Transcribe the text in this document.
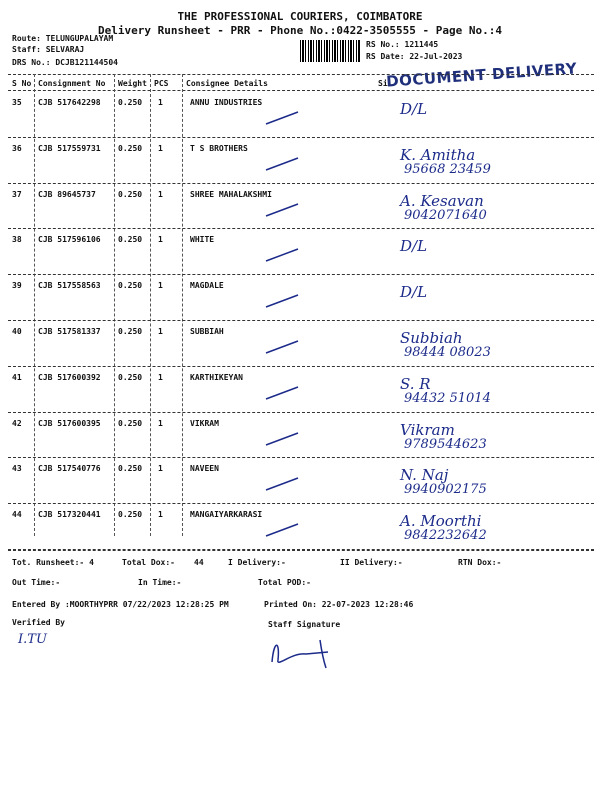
THE PROFESSIONAL COURIERS, COIMBATORE
Delivery Runsheet - PRR - Phone No.:0422-3505555 - Page No.:4
Route: TELUNGUPALAYAM
Staff: SELVARAJ
DRS No.: DCJB121144504
RS No.: 1211445
RS Date: 22-Jul-2023
DOCUMENT DELIVERY
S No Consignment No Weight PCS Consignee Details	Si
35 CJB 517642298 0.250 1	ANNU INDUSTRIES	D/L
36 CJB 517559731 0.250 1	T S BROTHERS	K. Amitha
95668 23459
37 CJB 89645737	0.250 1	SHREE MAHALAKSHMI	A. Kesavan
9042071640
38 CJB 517596106 0.250 1	WHITE	D/L
39 CJB 517558563 0.250 1	MAGDALE	D/L
40 CJB 517581337 0.250 1	SUBBIAH	Subbiah
98444 08023
41 CJB 517600392 0.250 1	KARTHIKEYAN	S. R
94432 51014
42 CJB 517600395 0.250 1	VIKRAM	Vikram
9789544623
43 CJB 517540776 0.250 1	NAVEEN	N. Naj
9940902175
44 CJB 517320441 0.250 1	MANGAIYARKARASI	A. Moorthi
9842232642
Tot. Runsheet:- 4	Total Dox:- 44	I Delivery:-	II Delivery:-	RTN Dox:-
Out Time:-	In Time:-	Total POD:-
Entered By :MOORTHYPRR 07/22/2023 12:28:25 PM	Printed On: 22-07-2023 12:28:46
Verified By	Staff Signature
I.TU
